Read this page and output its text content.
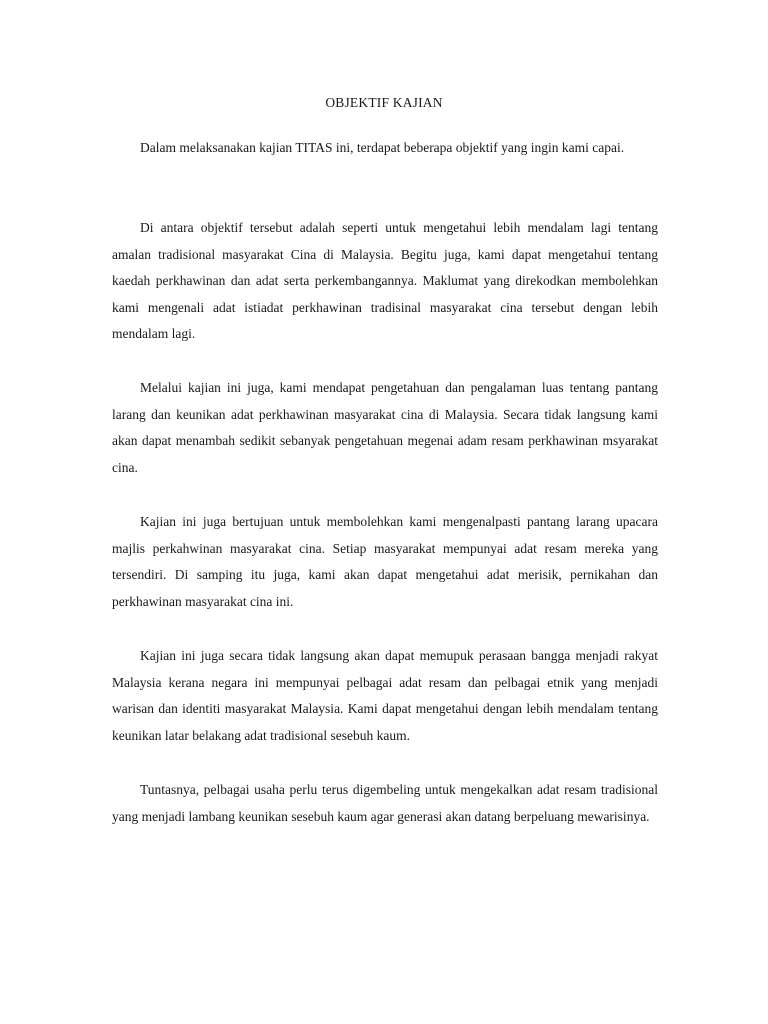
OBJEKTIF KAJIAN

Dalam melaksanakan kajian TITAS ini, terdapat beberapa objektif yang ingin kami capai.

Di antara objektif tersebut adalah seperti untuk mengetahui lebih mendalam lagi tentang amalan tradisional masyarakat Cina di Malaysia. Begitu juga, kami dapat mengetahui tentang kaedah perkhawinan dan adat serta perkembangannya. Maklumat yang direkodkan membolehkan kami mengenali adat istiadat perkhawinan tradisinal masyarakat cina tersebut dengan lebih mendalam lagi.

Melalui kajian ini juga, kami mendapat pengetahuan dan pengalaman luas tentang pantang larang dan keunikan adat perkhawinan masyarakat cina di Malaysia. Secara tidak langsung kami akan dapat menambah sedikit sebanyak pengetahuan megenai adam resam perkhawinan msyarakat cina.

Kajian ini juga bertujuan untuk membolehkan kami mengenalpasti pantang larang upacara majlis perkahwinan masyarakat cina. Setiap masyarakat mempunyai adat resam mereka yang tersendiri. Di samping itu juga, kami akan dapat mengetahui adat merisik, pernikahan dan perkhawinan masyarakat cina ini.

Kajian ini juga secara tidak langsung akan dapat memupuk perasaan bangga menjadi rakyat Malaysia kerana negara ini mempunyai pelbagai adat resam dan pelbagai etnik yang menjadi warisan dan identiti masyarakat Malaysia. Kami dapat mengetahui dengan lebih mendalam tentang keunikan latar belakang adat tradisional sesebuh kaum.

Tuntasnya, pelbagai usaha perlu terus digembeling untuk mengekalkan adat resam tradisional yang menjadi lambang keunikan sesebuh kaum agar generasi akan datang berpeluang mewarisinya.
